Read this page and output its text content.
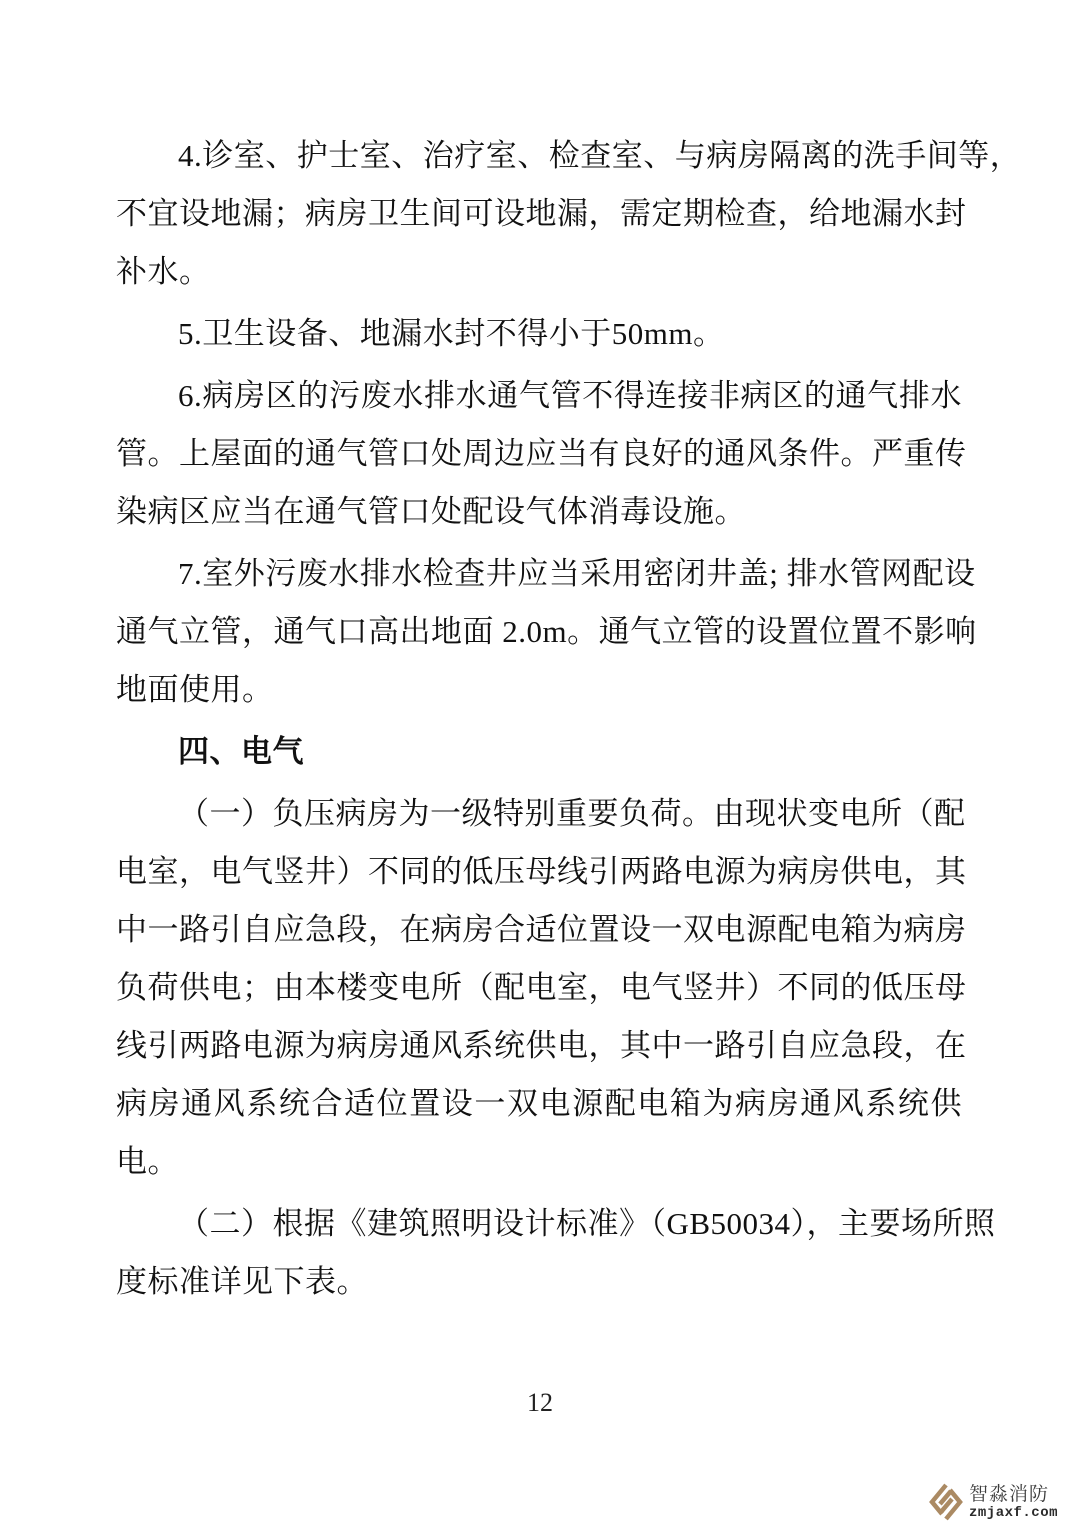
4.诊室、护士室、治疗室、检查室、与病房隔离的洗手间等，
不宜设地漏；病房卫生间可设地漏，需定期检查，给地漏水封
补水。
5.卫生设备、地漏水封不得小于50mm。
6.病房区的污废水排水通气管不得连接非病区的通气排水
管。上屋面的通气管口处周边应当有良好的通风条件。严重传
染病区应当在通气管口处配设气体消毒设施。
7.室外污废水排水检查井应当采用密闭井盖; 排水管网配设
通气立管，通气口高出地面 2.0m。通气立管的设置位置不影响
地面使用。
四、电气
（一）负压病房为一级特别重要负荷。由现状变电所（配
电室，电气竖井）不同的低压母线引两路电源为病房供电，其
中一路引自应急段，在病房合适位置设一双电源配电箱为病房
负荷供电；由本楼变电所（配电室，电气竖井）不同的低压母
线引两路电源为病房通风系统供电，其中一路引自应急段，在
病房通风系统合适位置设一双电源配电箱为病房通风系统供
电。
（二）根据《建筑照明设计标准》（GB50034），主要场所照
度标准详见下表。
12
智淼消防
zmjaxf.com
